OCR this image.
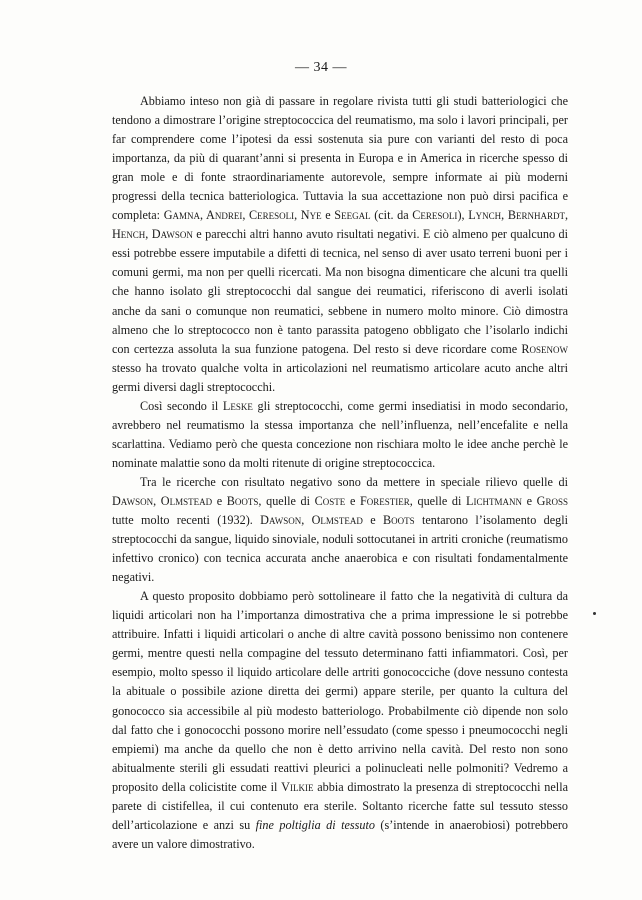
— 34 —

Abbiamo inteso non già di passare in regolare rivista tutti gli studi batteriologici che tendono a dimostrare l’origine streptococcica del reumatismo, ma solo i lavori principali, per far comprendere come l’ipotesi da essi sostenuta sia pure con varianti del resto di poca importanza, da più di quarant’anni si presenta in Europa e in America in ricerche spesso di gran mole e di fonte straordinariamente autorevole, sempre informate ai più moderni progressi della tecnica batteriologica. Tuttavia la sua accettazione non può dirsi pacifica e completa: Gamna, Andrei, Ceresoli, Nye e Seegal (cit. da Ceresoli), Lynch, Bernhardt, Hench, Dawson e parecchi altri hanno avuto risultati negativi. E ciò almeno per qualcuno di essi potrebbe essere imputabile a difetti di tecnica, nel senso di aver usato terreni buoni per i comuni germi, ma non per quelli ricercati. Ma non bisogna dimenticare che alcuni tra quelli che hanno isolato gli streptococchi dal sangue dei reumatici, riferiscono di averli isolati anche da sani o comunque non reumatici, sebbene in numero molto minore. Ciò dimostra almeno che lo streptococco non è tanto parassita patogeno obbligato che l’isolarlo indichi con certezza assoluta la sua funzione patogena. Del resto si deve ricordare come Rosenow stesso ha trovato qualche volta in articolazioni nel reumatismo articolare acuto anche altri germi diversi dagli streptococchi.

Così secondo il Leske gli streptococchi, come germi insediatisi in modo secondario, avrebbero nel reumatismo la stessa importanza che nell’influenza, nell’encefalite e nella scarlattina. Vediamo però che questa concezione non rischiara molto le idee anche perchè le nominate malattie sono da molti ritenute di origine streptococcica.

Tra le ricerche con risultato negativo sono da mettere in speciale rilievo quelle di Dawson, Olmstead e Boots, quelle di Coste e Forestier, quelle di Lichtmann e Gross tutte molto recenti (1932). Dawson, Olmstead e Boots tentarono l’isolamento degli streptococchi da sangue, liquido sinoviale, noduli sottocutanei in artriti croniche (reumatismo infettivo cronico) con tecnica accurata anche anaerobica e con risultati fondamentalmente negativi.

A questo proposito dobbiamo però sottolineare il fatto che la negatività di cultura da liquidi articolari non ha l’importanza dimostrativa che a prima impressione le si potrebbe attribuire. Infatti i liquidi articolari o anche di altre cavità possono benissimo non contenere germi, mentre questi nella compagine del tessuto determinano fatti infiammatori. Così, per esempio, molto spesso il liquido articolare delle artriti gonococciche (dove nessuno contesta la abituale o possibile azione diretta dei germi) appare sterile, per quanto la cultura del gonococco sia accessibile al più modesto batteriologo. Probabilmente ciò dipende non solo dal fatto che i gonococchi possono morire nell’essudato (come spesso i pneumococchi negli empiemi) ma anche da quello che non è detto arrivino nella cavità. Del resto non sono abitualmente sterili gli essudati reattivi pleurici a polinucleati nelle polmoniti? Vedremo a proposito della colicistite come il Vilkie abbia dimostrato la presenza di streptococchi nella parete di cistifellea, il cui contenuto era sterile. Soltanto ricerche fatte sul tessuto stesso dell’articolazione e anzi su fine poltiglia di tessuto (s’intende in anaerobiosi) potrebbero avere un valore dimostrativo.
